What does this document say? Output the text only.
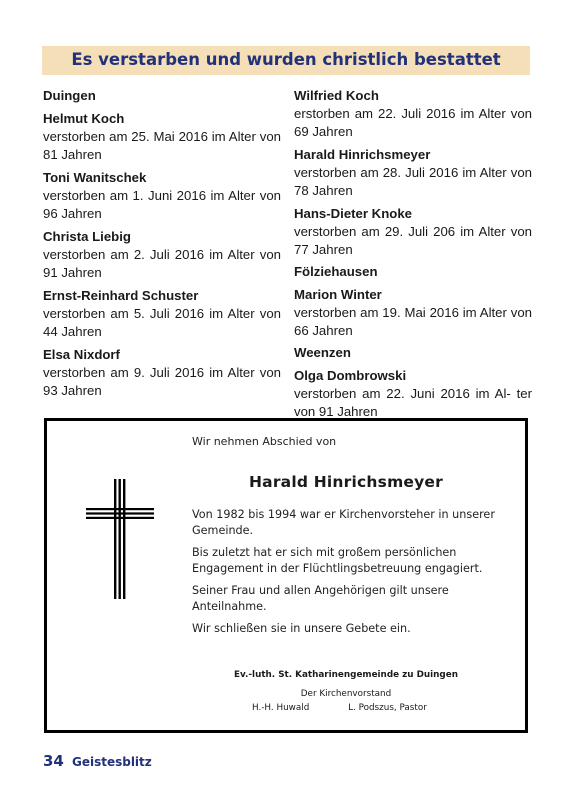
Es verstarben und wurden christlich bestattet
Duingen
Helmut Koch
verstorben am 25. Mai 2016 im Alter von 81 Jahren
Toni Wanitschek
verstorben am 1. Juni 2016 im Alter von 96 Jahren
Christa Liebig
verstorben am 2. Juli 2016 im Alter von 91 Jahren
Ernst-Reinhard Schuster
verstorben am 5. Juli 2016 im Alter von 44 Jahren
Elsa Nixdorf
verstorben am 9. Juli 2016 im Alter von 93 Jahren
Wilfried Koch
erstorben am 22. Juli 2016 im Alter von 69 Jahren
Harald Hinrichsmeyer
verstorben am 28. Juli 2016 im Alter von 78 Jahren
Hans-Dieter Knoke
verstorben am 29. Juli 206 im Alter von 77 Jahren
Fölziehausen
Marion Winter
verstorben am 19. Mai 2016 im Alter von 66 Jahren
Weenzen
Olga Dombrowski
verstorben am 22. Juni 2016 im Al- ter von 91 Jahren
Wir nehmen Abschied von
Harald Hinrichsmeyer

Von 1982 bis 1994 war er Kirchenvorsteher in unserer Gemeinde.

Bis zuletzt hat er sich mit großem persönlichen Engagement in der Flüchtlingsbetreuung engagiert.

Seiner Frau und allen Angehörigen gilt unsere Anteilnahme.

Wir schließen sie in unsere Gebete ein.

Ev.-luth. St. Katharinengemeinde zu Duingen
Der Kirchenvorstand
H.-H. Huwald	L. Podszus, Pastor
34 Geistesblitz
